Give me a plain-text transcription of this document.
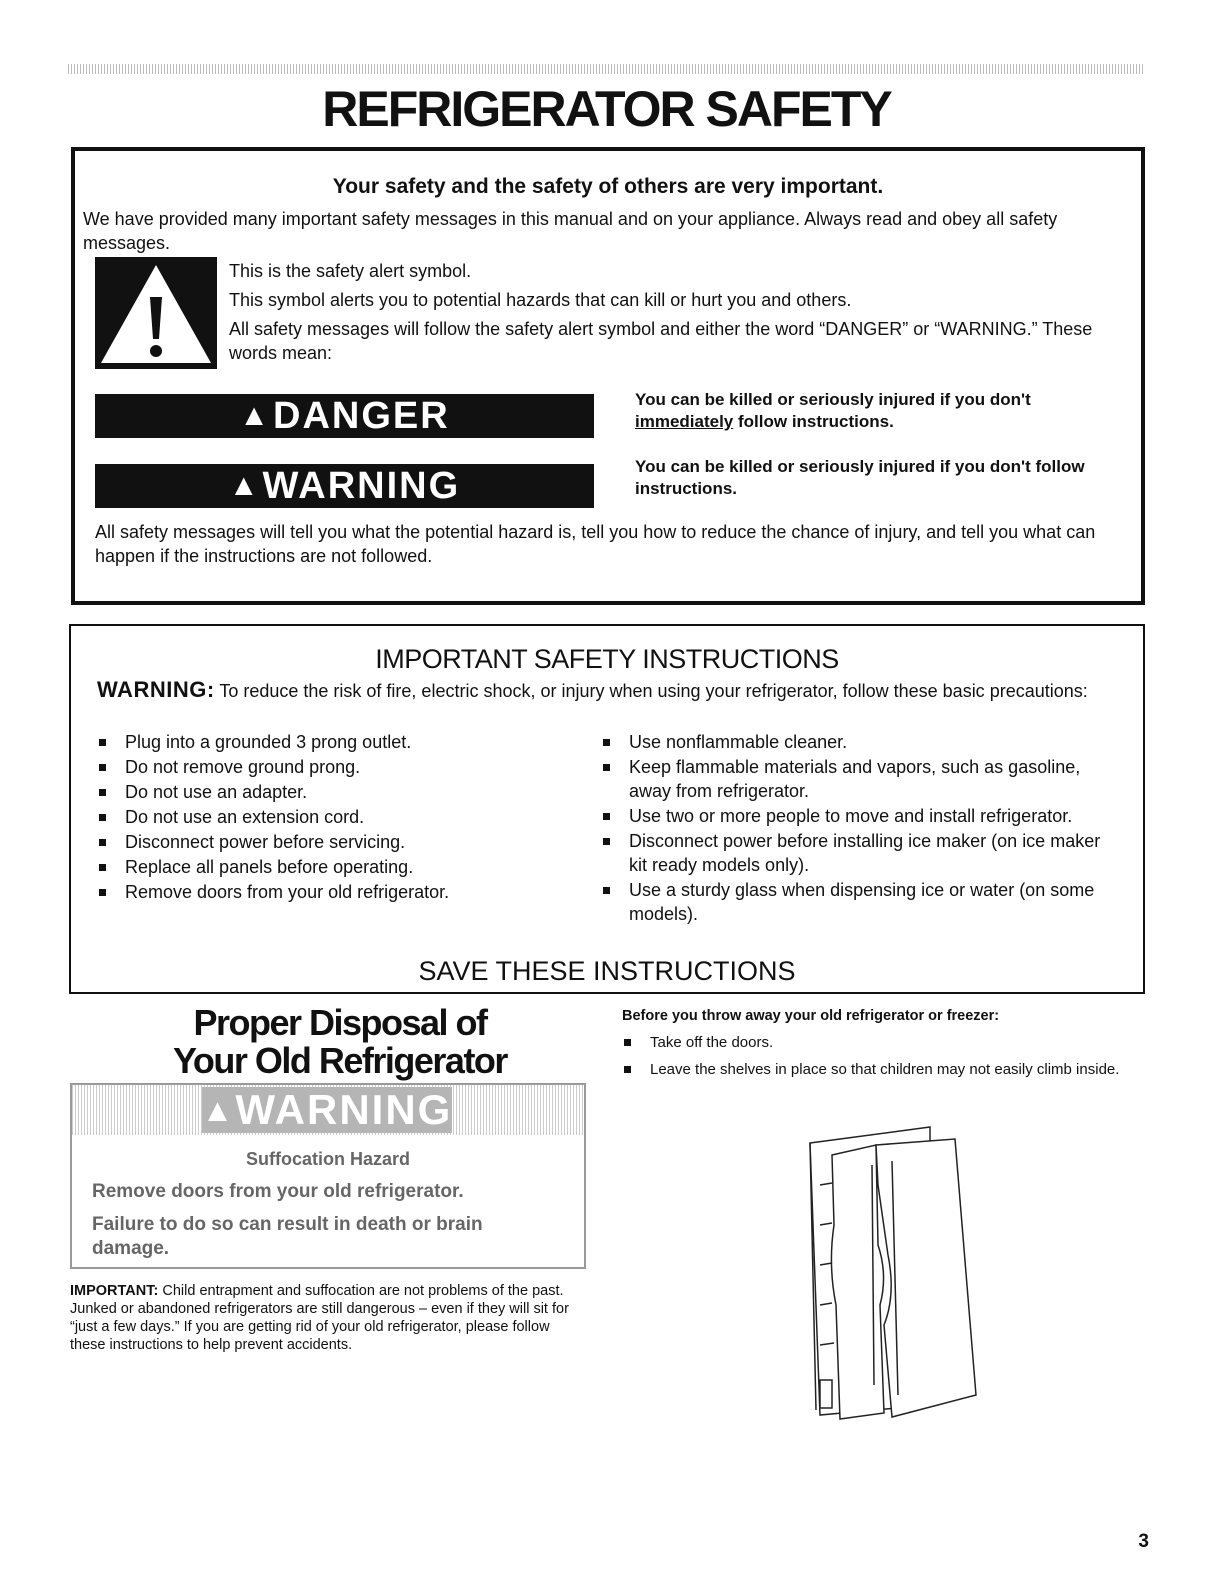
REFRIGERATOR SAFETY
Your safety and the safety of others are very important.
We have provided many important safety messages in this manual and on your appliance. Always read and obey all safety messages.
This is the safety alert symbol.
This symbol alerts you to potential hazards that can kill or hurt you and others.
All safety messages will follow the safety alert symbol and either the word “DANGER” or “WARNING.” These words mean:
▲ DANGER	You can be killed or seriously injured if you don't
immediately follow instructions.
▲ WARNING	You can be killed or seriously injured if you don't follow instructions.
All safety messages will tell you what the potential hazard is, tell you how to reduce the chance of injury, and tell you what can happen if the instructions are not followed.
IMPORTANT SAFETY INSTRUCTIONS
WARNING: To reduce the risk of fire, electric shock, or injury when using your refrigerator, follow these basic precautions:
Plug into a grounded 3 prong outlet.
Do not remove ground prong.
Do not use an adapter.
Do not use an extension cord.
Disconnect power before servicing.
Replace all panels before operating.
Remove doors from your old refrigerator.
Use nonflammable cleaner.
Keep flammable materials and vapors, such as gasoline, away from refrigerator.
Use two or more people to move and install refrigerator.
Disconnect power before installing ice maker (on ice maker kit ready models only).
Use a sturdy glass when dispensing ice or water (on some models).
SAVE THESE INSTRUCTIONS
Proper Disposal of
Your Old Refrigerator
▲ WARNING
Suffocation Hazard
Remove doors from your old refrigerator.
Failure to do so can result in death or brain damage.
IMPORTANT: Child entrapment and suffocation are not problems of the past. Junked or abandoned refrigerators are still dangerous – even if they will sit for “just a few days.” If you are getting rid of your old refrigerator, please follow these instructions to help prevent accidents.
Before you throw away your old refrigerator or freezer:
Take off the doors.
Leave the shelves in place so that children may not easily climb inside.
3
